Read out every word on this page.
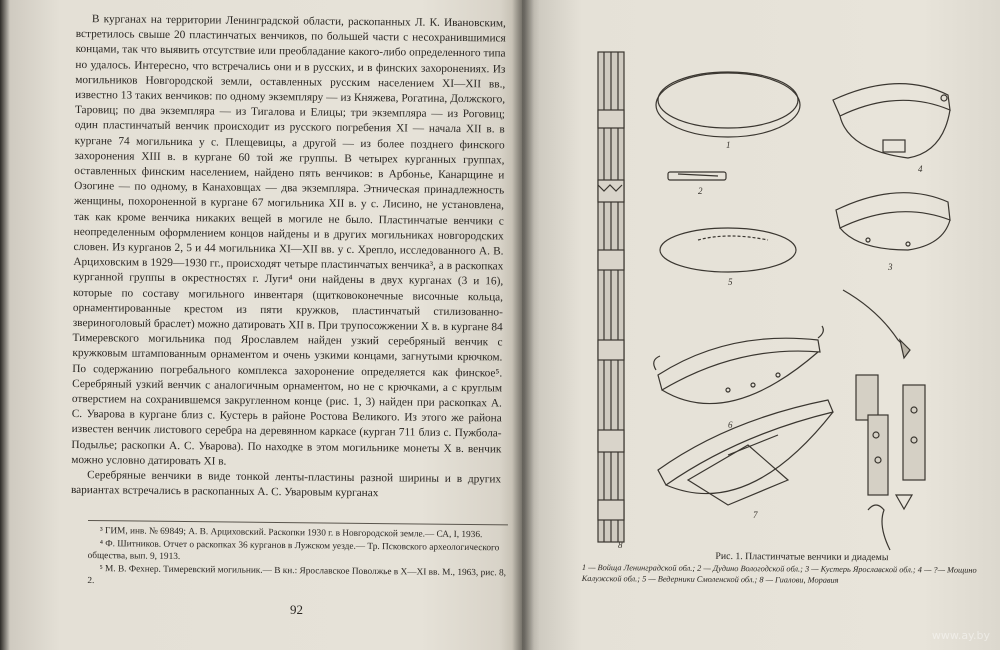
В курганах на территории Ленинградской области, раскопанных Л. К. Ивановским, встретилось свыше 20 пластинчатых венчиков, по большей части с несохранившимися концами, так что выявить отсутствие или преобладание какого-либо определенного типа но удалось. Интересно, что встречались они и в русских, и в финских захоронениях. Из могильников Новгородской земли, оставленных русским населением XI—XII вв., известно 13 таких венчиков: по одному экземпляру — из Княжева, Рогатина, Должского, Таровиц; по два экземпляра — из Тигалова и Елицы; три экземпляра — из Роговиц; один пластинчатый венчик происходит из русского погребения XI — начала XII в. в кургане 74 могильника у с. Плещевицы, а другой — из более позднего финского захоронения XIII в. в кургане 60 той же группы. В четырех курганных группах, оставленных финским населением, найдено пять венчиков: в Арбонье, Канарщине и Озогине — по одному, в Канаховщах — два экземпляра. Этническая принадлежность женщины, похороненной в кургане 67 могильника XII в. у с. Лисино, не установлена, так как кроме венчика никаких вещей в могиле не было. Пластинчатые венчики с неопределенным оформлением концов найдены и в других могильниках новгородских словен. Из курганов 2, 5 и 44 могильника XI—XII вв. у с. Хрепло, исследованного А. В. Арциховским в 1929—1930 гг., происходят четыре пластинчатых венчика³, а в раскопках курганной группы в окрестностях г. Луги⁴ они найдены в двух курганах (3 и 16), которые по составу могильного инвентаря (щитковоконечные височные кольца, орнаментированные крестом из пяти кружков, пластинчатый стилизованно-звериноголовый браслет) можно датировать XII в. При трупосожжении X в. в кургане 84 Тимеревского могильника под Ярославлем найден узкий серебряный венчик с кружковым штампованным орнаментом и очень узкими концами, загнутыми крючком. По содержанию погребального комплекса захоронение определяется как финское⁵. Серебряный узкий венчик с аналогичным орнаментом, но не с крючками, а с круглым отверстием на сохранившемся закругленном конце (рис. 1, 3) найден при раскопках А. С. Уварова в кургане близ с. Кустерь в районе Ростова Великого. Из этого же района известен венчик листового серебра на деревянном каркасе (курган 711 близ с. Пужбола-Подылье; раскопки А. С. Уварова). По находке в этом могильнике монеты X в. венчик можно условно датировать XI в.

Серебряные венчики в виде тонкой ленты-пластины разной ширины и в других вариантах встречались в раскопанных А. С. Уваровым курганах

³ ГИМ, инв. № 69849; А. В. Арциховский. Раскопки 1930 г. в Новгородской земле.— СА, I, 1936.
⁴ Ф. Шитников. Отчет о раскопках 36 курганов в Лужском уезде.— Тр. Псковского археологического общества, вып. 9, 1913.
⁵ М. В. Фехнер. Тимеревский могильник.— В кн.: Ярославское Поволжье в X—XI вв. М., 1963, рис. 8, 2.
92
1
2
3
4
5
6
7
8
Рис. 1. Пластинчатые венчики и диадемы
1 — Войща Ленинградской обл.; 2 — Дудино Вологодской обл.; 3 — Кустерь Ярославской обл.; 4 — ?— Мощино Калужской обл.; 5 — Ведерники Смоленской обл.; 8 — Гиалови, Моравия
www.ay.by
